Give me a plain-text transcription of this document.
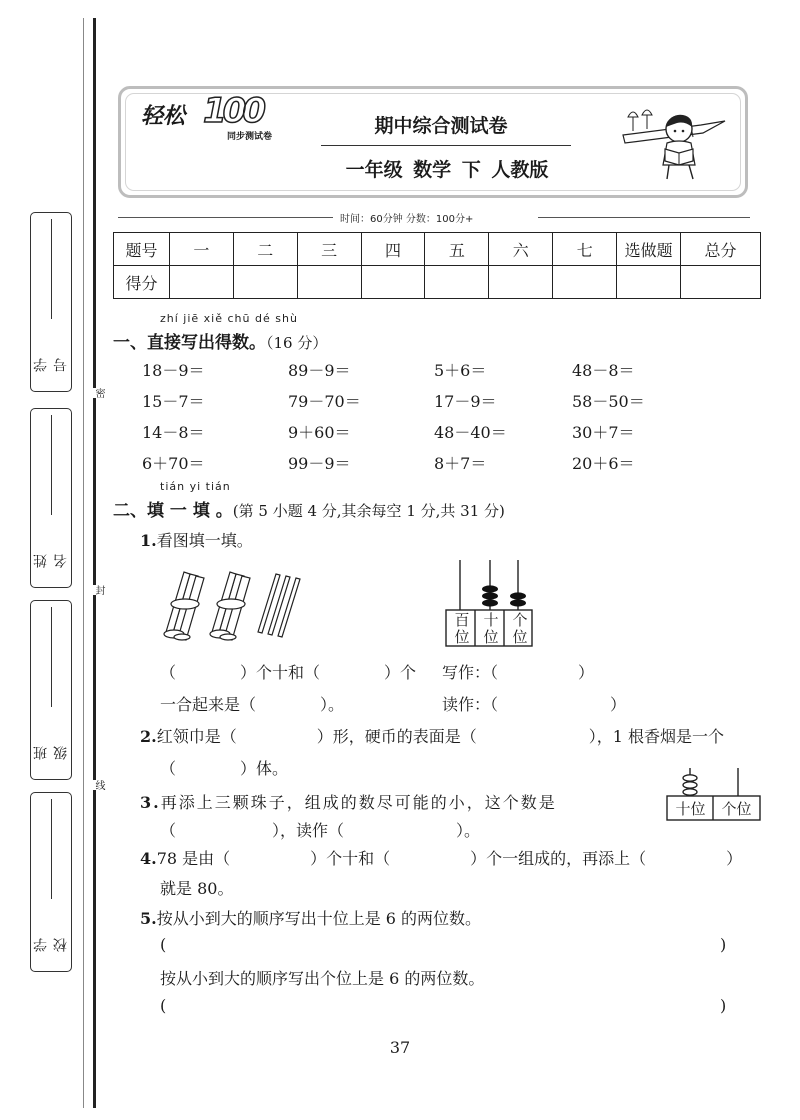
学号
姓名
班级
学校
密
封
线
轻松 100
同步测试卷	期中综合测试卷
一年级 数学 下 人教版
时间：60分钟 分数：100分+
题号	一	二	三	四	五	六	七	选做题	总分
得分									
zhí jiē xiě chū dé shù
一、直接写出得数。（16 分）
18－9＝	89－9＝	5＋6＝	48－8＝
15－7＝	79－70＝	17－9＝	58－50＝
14－8＝	9＋60＝	48－40＝	30＋7＝
6＋70＝	99－9＝	8＋7＝	20＋6＝
tián yi tián
二、填 一 填 。(第 5 小题 4 分,其余每空 1 分,共 31 分)
1.看图填一填。
百位
十位
个位
（　　　　）个十和（　　　　）个 写作：（　　　　　）
一合起来是（　　　　）。	读作：（　　　　　　　）
2.红领巾是（　　　　　）形，硬币的表面是（　　　　　　　），1 根香烟是一个
（　　　　）体。
3.再添上三颗珠子，组成的数尽可能的小，这个数是
（　　　　　　），读作（　　　　　　　）。
十位	个位
4.78 是由（　　　　　）个十和（　　　　　）个一组成的，再添上（　　　　　）
就是 80。
5.按从小到大的顺序写出十位上是 6 的两位数。
(	)
按从小到大的顺序写出个位上是 6 的两位数。
(	)
37
